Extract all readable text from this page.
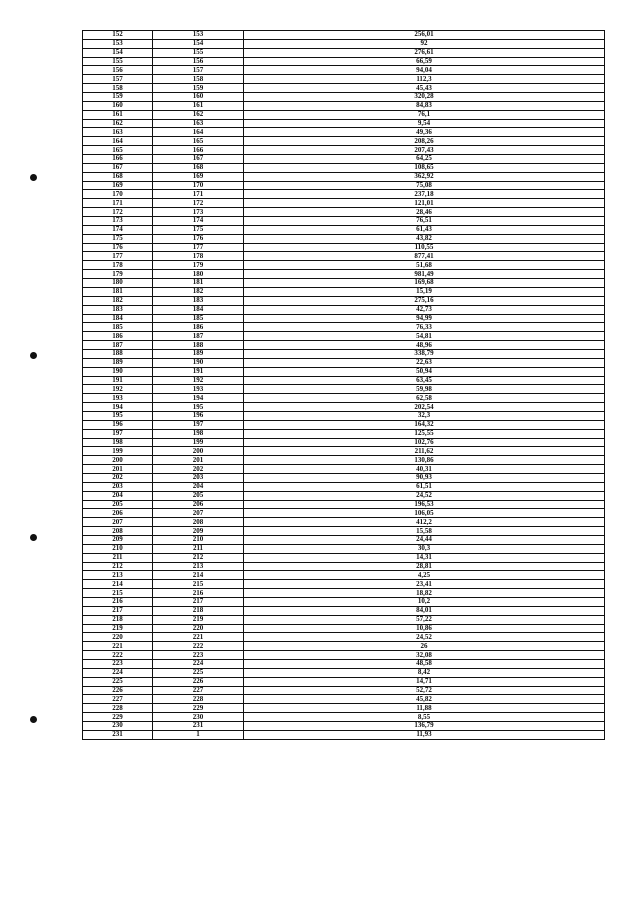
152	153	256,01
153	154	92
154	155	276,61
155	156	66,59
156	157	94,04
157	158	112,3
158	159	45,43
159	160	320,28
160	161	84,83
161	162	76,1
162	163	9,54
163	164	49,36
164	165	208,26
165	166	207,43
166	167	64,25
167	168	108,65
168	169	362,92
169	170	75,08
170	171	237,18
171	172	121,01
172	173	28,46
173	174	76,51
174	175	61,43
175	176	43,82
176	177	110,55
177	178	877,41
178	179	51,68
179	180	981,49
180	181	169,68
181	182	15,19
182	183	275,16
183	184	42,73
184	185	94,99
185	186	76,33
186	187	54,81
187	188	48,96
188	189	338,79
189	190	22,63
190	191	50,94
191	192	63,45
192	193	59,98
193	194	62,58
194	195	202,54
195	196	32,3
196	197	164,32
197	198	125,55
198	199	102,76
199	200	211,62
200	201	130,86
201	202	40,31
202	203	90,93
203	204	61,51
204	205	24,52
205	206	196,53
206	207	106,05
207	208	412,2
208	209	15,58
209	210	24,44
210	211	30,3
211	212	14,31
212	213	28,81
213	214	4,25
214	215	23,41
215	216	18,82
216	217	10,2
217	218	84,01
218	219	57,22
219	220	10,86
220	221	24,52
221	222	26
222	223	32,08
223	224	48,58
224	225	8,42
225	226	14,71
226	227	52,72
227	228	45,82
228	229	11,88
229	230	8,55
230	231	136,79
231	1	11,93
